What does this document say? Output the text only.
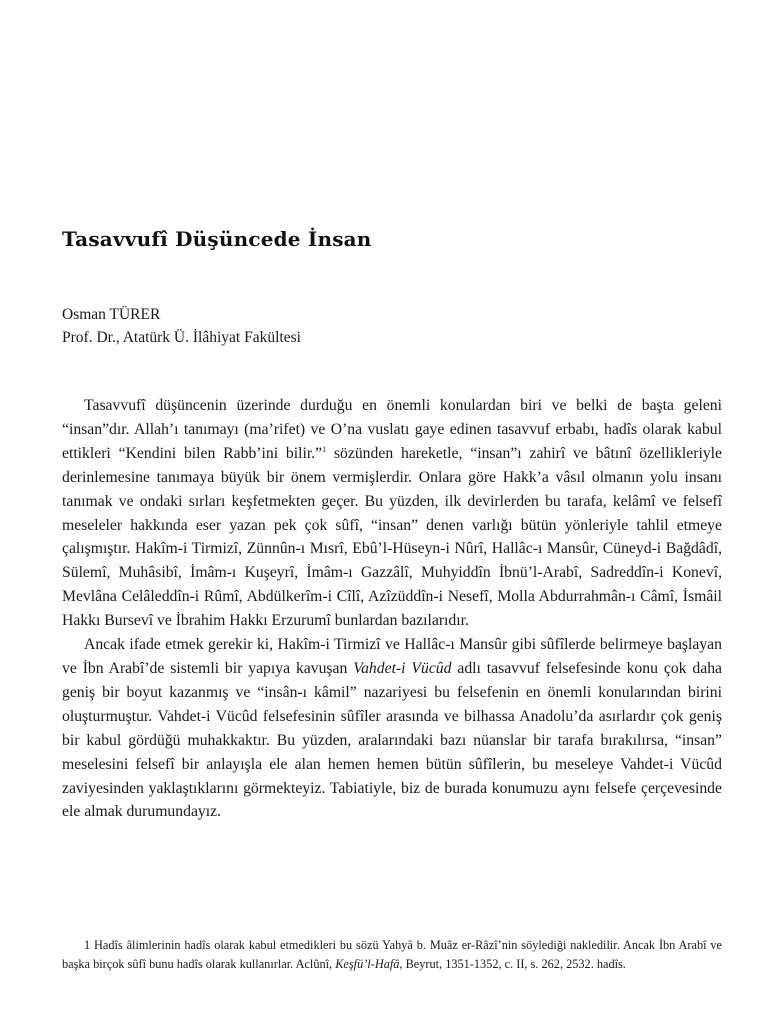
Tasavvufî Düşüncede İnsan
Osman TÜRER
Prof. Dr., Atatürk Ü. İlâhiyat Fakültesi

Tasavvufî düşüncenin üzerinde durduğu en önemli konulardan biri ve belki de başta geleni “insan”dır. Allah’ı tanımayı (ma’rifet) ve O’na vuslatı gaye edinen tasavvuf erbabı, hadîs olarak kabul ettikleri “Kendini bilen Rabb’ini bilir.”$^1$ sözünden hareketle, “insan”ı zahirî ve bâtınî özellikleriyle derinlemesine tanımaya büyük bir önem vermişlerdir. Onlara göre Hakk’a vâsıl olmanın yolu insanı tanımak ve ondaki sırları keşfetmekten geçer. Bu yüzden, ilk devirlerden bu tarafa, kelâmî ve felsefî meseleler hakkında eser yazan pek çok sûfî, “insan” denen varlığı bütün yönleriyle tahlil etmeye çalışmıştır. Hakîm-i Tirmizî, Zünnûn-ı Mısrî, Ebû’l-Hüseyn-i Nûrî, Hallâc-ı Mansûr, Cüneyd-i Bağdâdî, Sülemî, Muhâsibî, İmâm-ı Kuşeyrî, İmâm-ı Gazzâlî, Muhyiddîn İbnü’l-Arabî, Sadreddîn-i Konevî, Mevlâna Celâleddîn-i Rûmî, Abdülkerîm-i Cîlî, Azîzüddîn-i Nesefî, Molla Abdurrahmân-ı Câmî, İsmâil Hakkı Bursevî ve İbrahim Hakkı Erzurumî bunlardan bazılarıdır.

Ancak ifade etmek gerekir ki, Hakîm-i Tirmizî ve Hallâc-ı Mansûr gibi sûfîlerde belirmeye başlayan ve İbn Arabî’de sistemli bir yapıya kavuşan Vahdet-i Vücûd adlı tasavvuf felsefesinde konu çok daha geniş bir boyut kazanmış ve “insân-ı kâmil” nazariyesi bu felsefenin en önemli konularından birini oluşturmuştur. Vahdet-i Vücûd felsefesinin sûfîler arasında ve bilhassa Anadolu’da asırlardır çok geniş bir kabul gördüğü muhakkaktır. Bu yüzden, aralarındaki bazı nüanslar bir tarafa bırakılırsa, “insan” meselesini felsefî bir anlayışla ele alan hemen hemen bütün sûfîlerin, bu meseleye Vahdet-i Vücûd zaviyesinden yaklaştıklarını görmekteyiz. Tabiatiyle, biz de burada konumuzu aynı felsefe çerçevesinde ele almak durumundayız.

1 Hadîs âlimlerinin hadîs olarak kabul etmedikleri bu sözü Yahyâ b. Muâz er-Râzî’nin söylediği nakledilir. Ancak İbn Arabî ve başka birçok sûfî bunu hadîs olarak kullanırlar. Aclûnî, Keşfü’l-Hafâ, Beyrut, 1351-1352, c. II, s. 262, 2532. hadîs.
